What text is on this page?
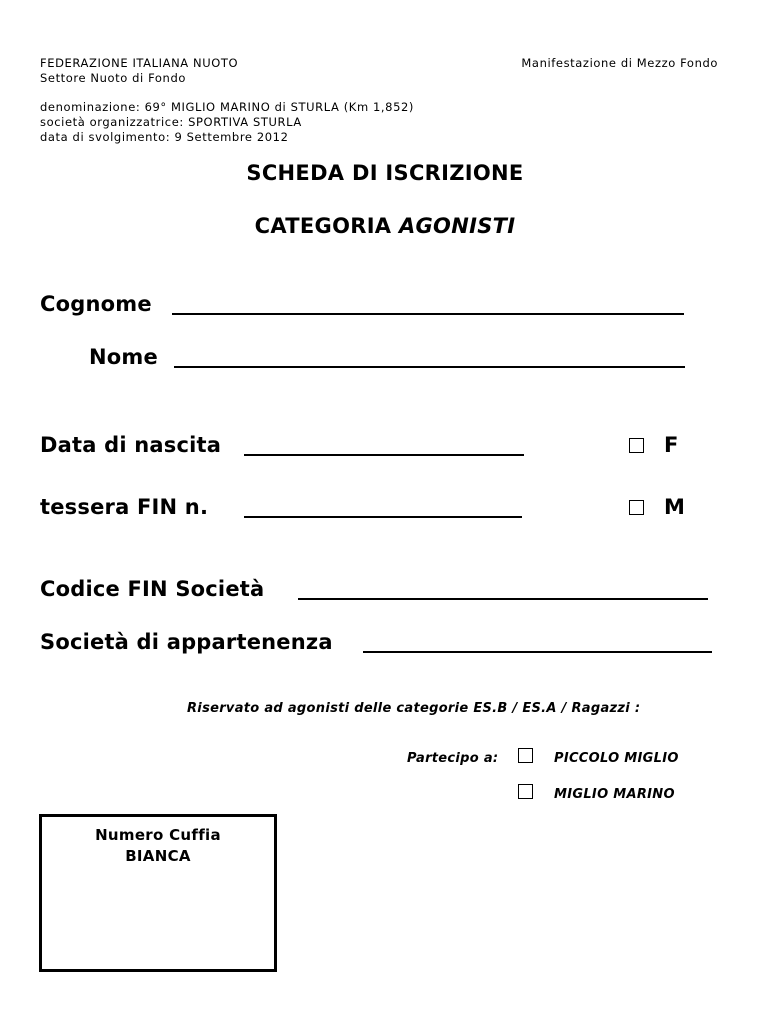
FEDERAZIONE ITALIANA NUOTO
Settore Nuoto di Fondo
Manifestazione di Mezzo Fondo
denominazione: 69° MIGLIO MARINO di STURLA (Km 1,852)
società organizzatrice: SPORTIVA STURLA
data di svolgimento: 9 Settembre 2012
SCHEDA DI ISCRIZIONE
CATEGORIA AGONISTI
Cognome
Nome
Data di nascita	F
tessera FIN n.	M
Codice FIN Società
Società di appartenenza
Riservato ad agonisti delle categorie ES.B / ES.A / Ragazzi :
Partecipo a:	PICCOLO MIGLIO
MIGLIO MARINO
Numero Cuffia
BIANCA
